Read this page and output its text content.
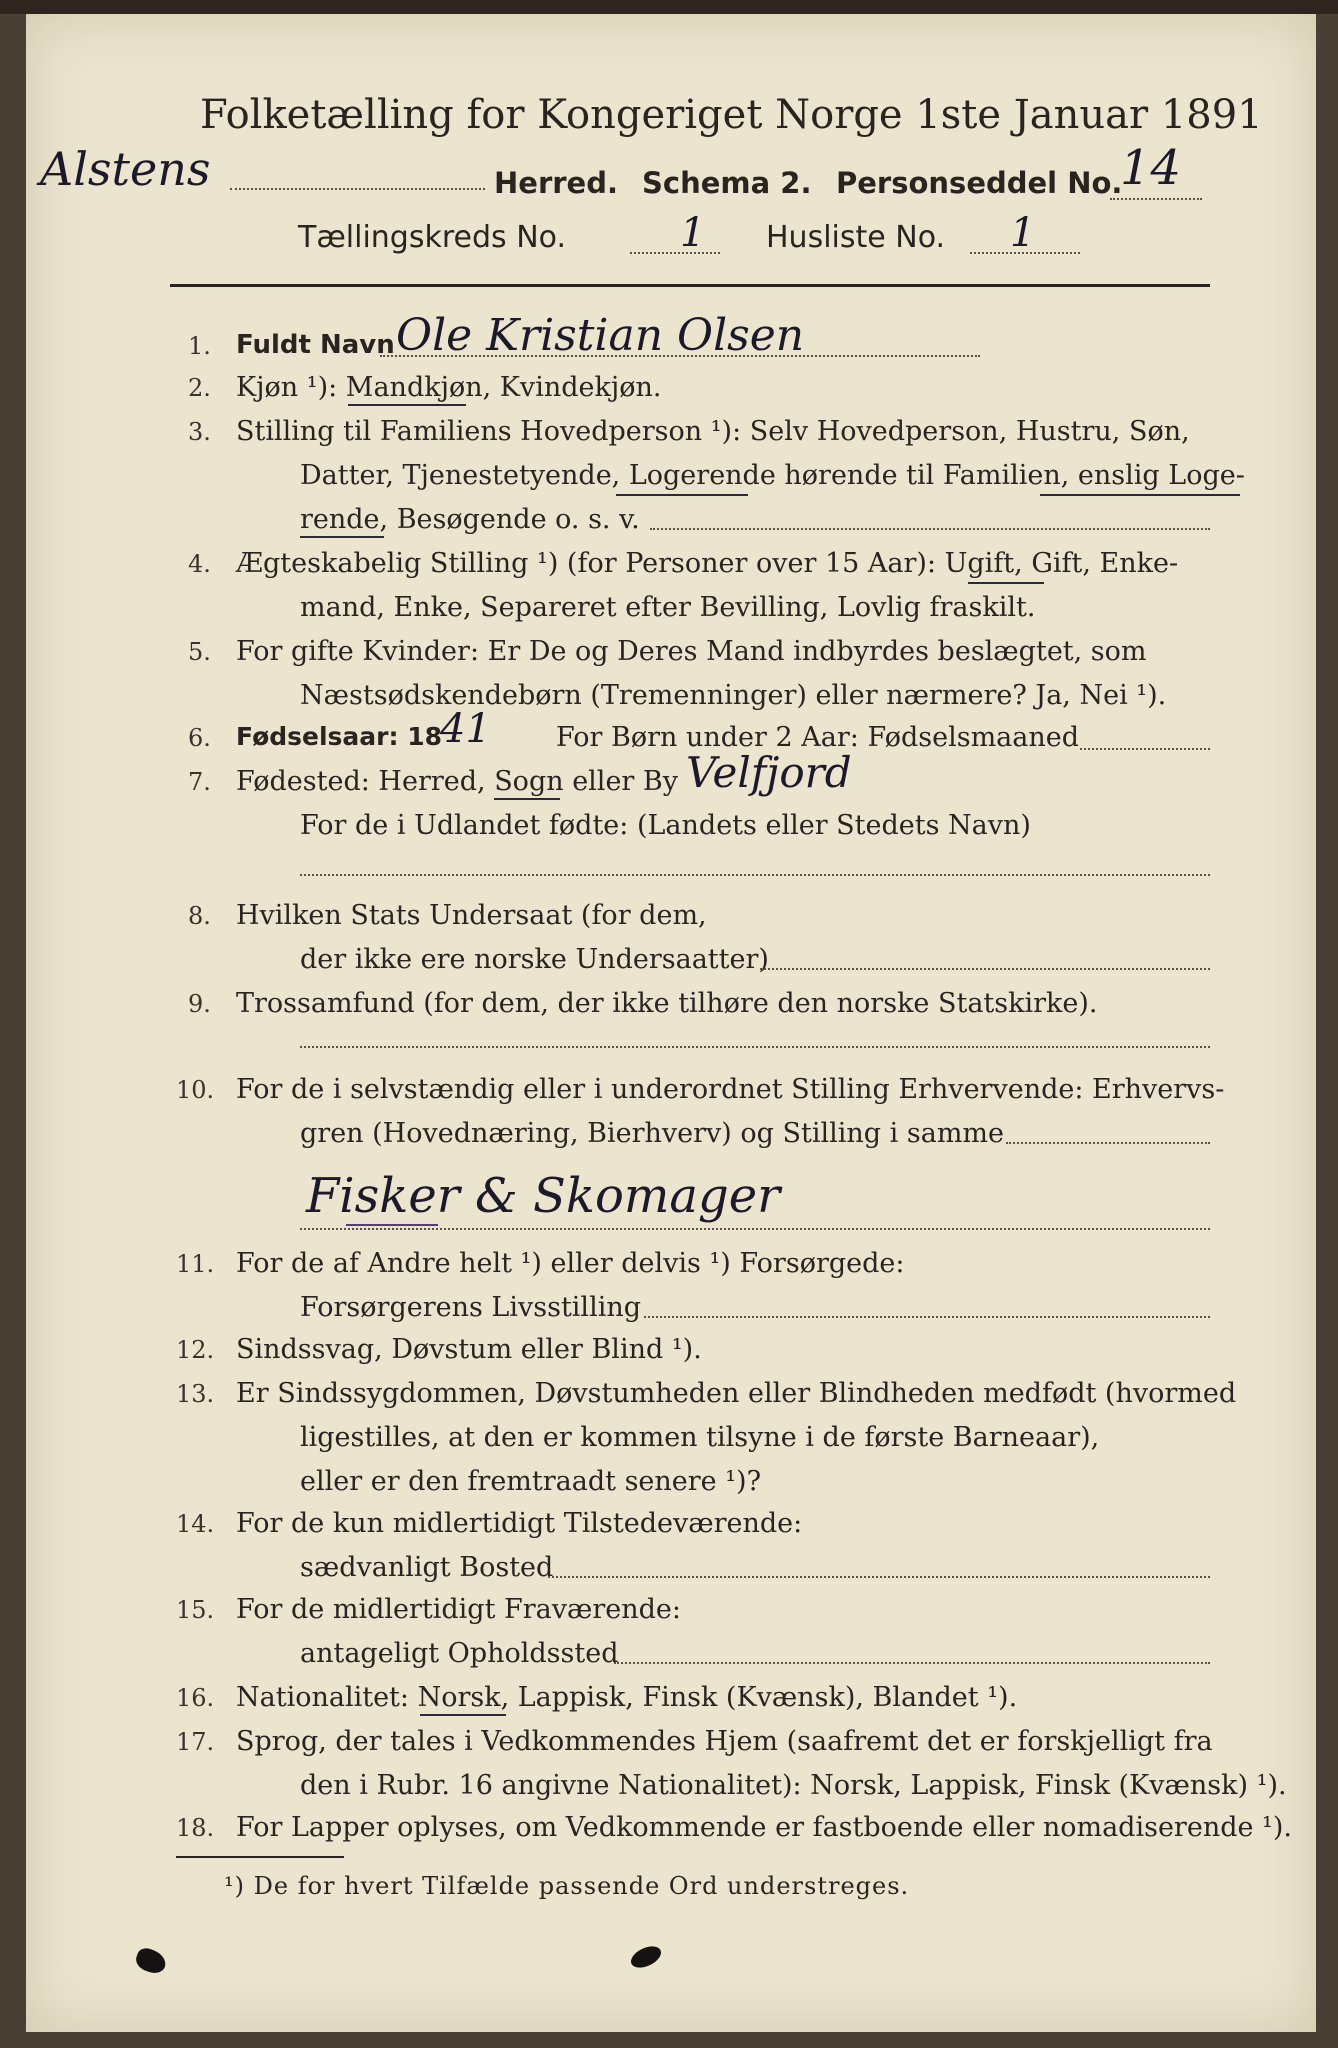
Folketælling for Kongeriget Norge 1ste Januar 1891
Alstens	Herred. Schema 2. Personseddel No.
14
Tællingskreds No.	1 Husliste No. 1
1. Fuldt Navn Ole Kristian Olsen
2. Kjøn ¹): Mandkjøn, Kvindekjøn.
3. Stilling til Familiens Hovedperson ¹): Selv Hovedperson, Hustru, Søn,
Datter, Tjenestetyende, Logerende hørende til Familien, enslig Loge-
rende, Besøgende o. s. v.
4. Ægteskabelig Stilling ¹) (for Personer over 15 Aar): Ugift, Gift, Enke-
mand, Enke, Separeret efter Bevilling, Lovlig fraskilt.
5. For gifte Kvinder: Er De og Deres Mand indbyrdes beslægtet, som
Næstsødskendebørn (Tremenninger) eller nærmere? Ja, Nei ¹).
6. Fødselsaar: 18
41 For Børn under 2 Aar: Fødselsmaaned
7. Fødested: Herred, Sogn eller By Velfjord
For de i Udlandet fødte: (Landets eller Stedets Navn)
8. Hvilken Stats Undersaat (for dem,
der ikke ere norske Undersaatter)
9. Trossamfund (for dem, der ikke tilhøre den norske Statskirke).
10. For de i selvstændig eller i underordnet Stilling Erhvervende: Erhvervs-
gren (Hovednæring, Bierhverv) og Stilling i samme
Fisker & Skomager
11. For de af Andre helt ¹) eller delvis ¹) Forsørgede:
Forsørgerens Livsstilling
12. Sindssvag, Døvstum eller Blind ¹).
13. Er Sindssygdommen, Døvstumheden eller Blindheden medfødt (hvormed
ligestilles, at den er kommen tilsyne i de første Barneaar),
eller er den fremtraadt senere ¹)?
14. For de kun midlertidigt Tilstedeværende:
sædvanligt Bosted
15. For de midlertidigt Fraværende:
antageligt Opholdssted
16. Nationalitet: Norsk, Lappisk, Finsk (Kvænsk), Blandet ¹).
17. Sprog, der tales i Vedkommendes Hjem (saafremt det er forskjelligt fra
den i Rubr. 16 angivne Nationalitet): Norsk, Lappisk, Finsk (Kvænsk) ¹).
18. For Lapper oplyses, om Vedkommende er fastboende eller nomadiserende ¹).
¹) De for hvert Tilfælde passende Ord understreges.
